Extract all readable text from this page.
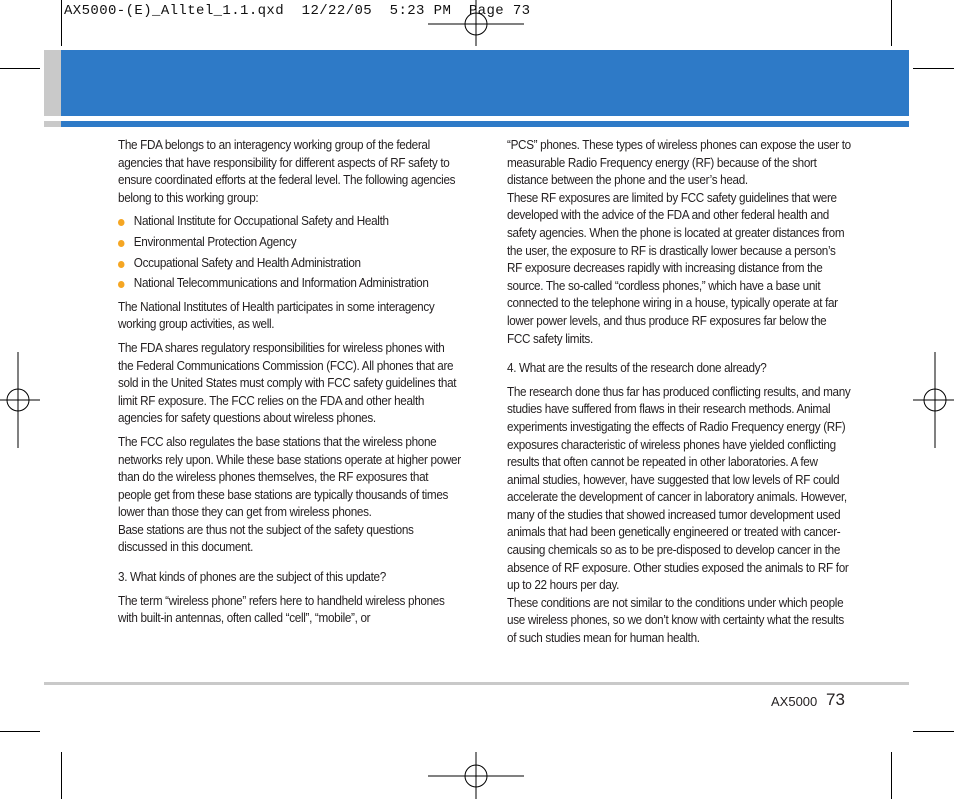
AX5000-(E)_Alltel_1.1.qxd  12/22/05  5:23 PM  Page 73

The FDA belongs to an interagency working group of the federal agencies that have responsibility for different aspects of RF safety to ensure coordinated efforts at the federal level. The following agencies belong to this working group:

National Institute for Occupational Safety and Health
Environmental Protection Agency
Occupational Safety and Health Administration
National Telecommunications and Information Administration

The National Institutes of Health participates in some interagency working group activities, as well.

The FDA shares regulatory responsibilities for wireless phones with the Federal Communications Commission (FCC). All phones that are sold in the United States must comply with FCC safety guidelines that limit RF exposure. The FCC relies on the FDA and other health agencies for safety questions about wireless phones.

The FCC also regulates the base stations that the wireless phone networks rely upon. While these base stations operate at higher power than do the wireless phones themselves, the RF exposures that people get from these base stations are typically thousands of times lower than those they can get from wireless phones.

Base stations are thus not the subject of the safety questions discussed in this document.

3. What kinds of phones are the subject of this update?

The term “wireless phone” refers here to handheld wireless phones with built-in antennas, often called “cell”, “mobile”, or

“PCS” phones. These types of wireless phones can expose the user to measurable Radio Frequency energy (RF) because of the short distance between the phone and the user’s head.

These RF exposures are limited by FCC safety guidelines that were developed with the advice of the FDA and other federal health and safety agencies. When the phone is located at greater distances from the user, the exposure to RF is drastically lower because a person’s RF exposure decreases rapidly with increasing distance from the source. The so-called “cordless phones,” which have a base unit connected to the telephone wiring in a house, typically operate at far lower power levels, and thus produce RF exposures far below the FCC safety limits.

4. What are the results of the research done already?

The research done thus far has produced conflicting results, and many studies have suffered from flaws in their research methods. Animal experiments investigating the effects of Radio Frequency energy (RF) exposures characteristic of wireless phones have yielded conflicting results that often cannot be repeated in other laboratories. A few animal studies, however, have suggested that low levels of RF could accelerate the development of cancer in laboratory animals. However, many of the studies that showed increased tumor development used animals that had been genetically engineered or treated with cancer-causing chemicals so as to be pre-disposed to develop cancer in the absence of RF exposure. Other studies exposed the animals to RF for up to 22 hours per day.

These conditions are not similar to the conditions under which people use wireless phones, so we don’t know with certainty what the results of such studies mean for human health.

AX5000 73
